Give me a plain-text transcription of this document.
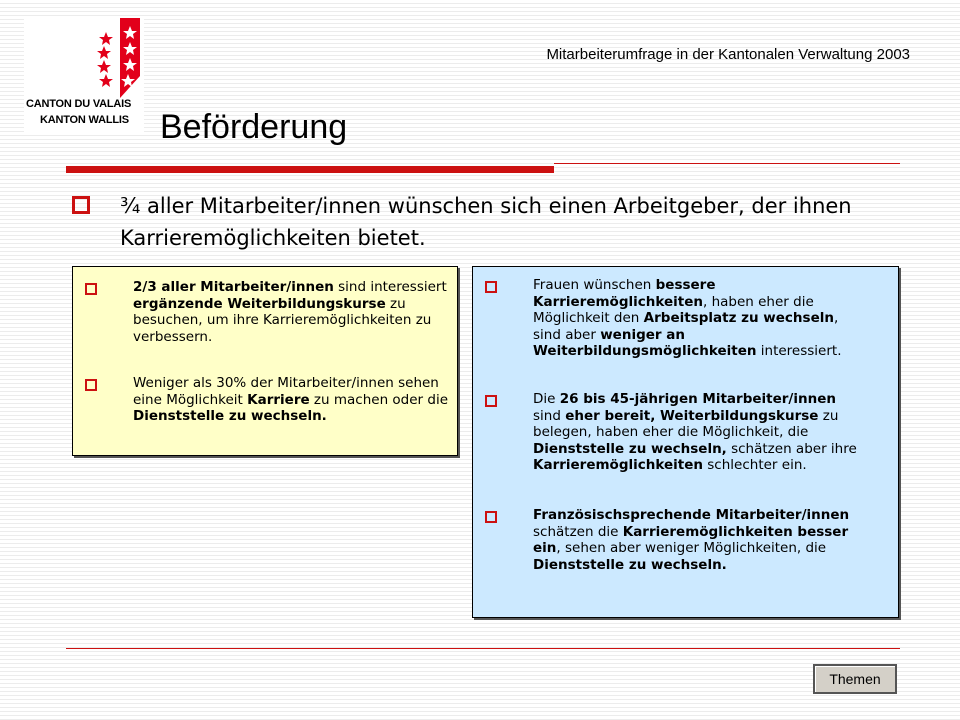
CANTON DU VALAIS
KANTON WALLIS
Mitarbeiterumfrage in der Kantonalen Verwaltung 2003
Beförderung
¾ aller Mitarbeiter/innen wünschen sich einen Arbeitgeber, der ihnen Karrieremöglichkeiten bietet.
2/3 aller Mitarbeiter/innen sind interessiert ergänzende Weiterbildungskurse zu besuchen, um ihre Karrieremöglichkeiten zu verbessern.
Weniger als 30% der Mitarbeiter/innen sehen eine Möglichkeit Karriere zu machen oder die Dienststelle zu wechseln.
Frauen wünschen bessere Karrieremöglichkeiten, haben eher die Möglichkeit den Arbeitsplatz zu wechseln, sind aber weniger an Weiterbildungsmöglichkeiten interessiert.
Die 26 bis 45-jährigen Mitarbeiter/innen sind eher bereit, Weiterbildungskurse zu belegen, haben eher die Möglichkeit, die Dienststelle zu wechseln, schätzen aber ihre Karrieremöglichkeiten schlechter ein.
Französischsprechende Mitarbeiter/innen schätzen die Karrieremöglichkeiten besser ein, sehen aber weniger Möglichkeiten, die Dienststelle zu wechseln.
Themen
